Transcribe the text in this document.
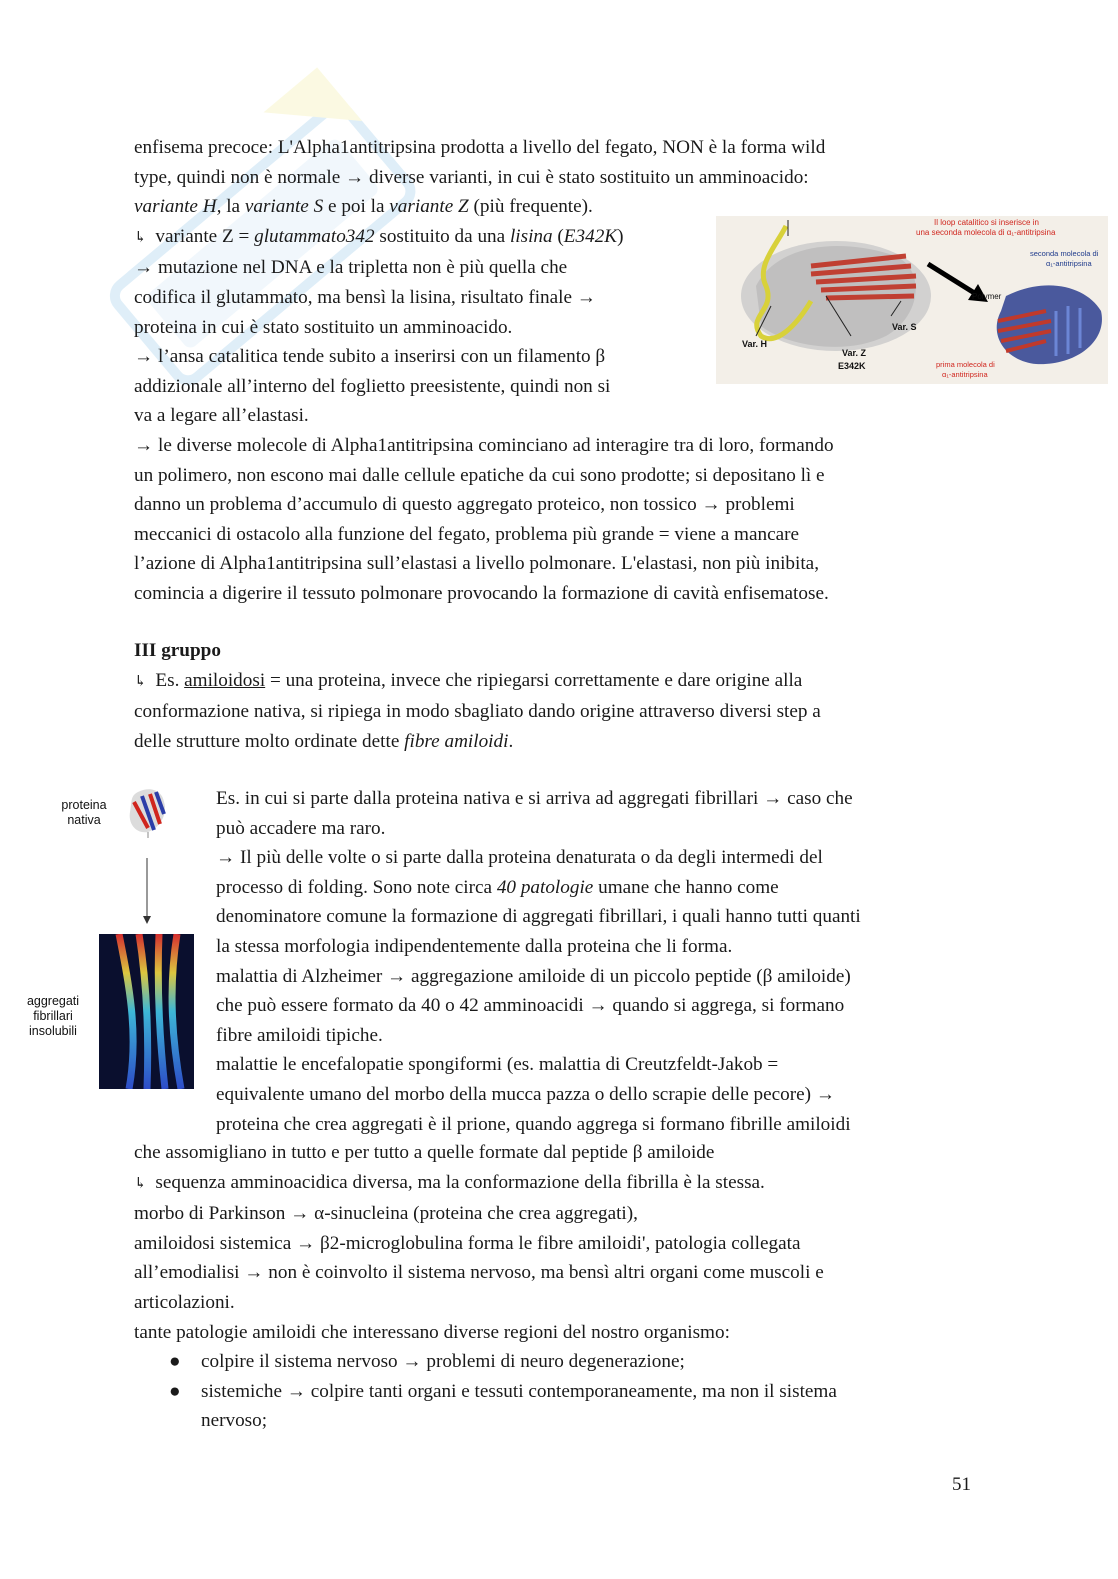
enfisema precoce: L'Alpha1antitripsina prodotta a livello del fegato, NON è la forma wild

type, quindi non è normale → diverse varianti, in cui è stato sostituito un amminoacido:

variante H, la variante S e poi la variante Z (più frequente).

↳ variante Z = glutammato342 sostituito da una lisina (E342K)

→ mutazione nel DNA e la tripletta non è più quella che

codifica il glutammato, ma bensì la lisina, risultato finale →

proteina in cui è stato sostituito un amminoacido.

→ l’ansa catalitica tende subito a inserirsi con un filamento β

addizionale all’interno del foglietto preesistente, quindi non si

va a legare all’elastasi.

→ le diverse molecole di Alpha1antitripsina cominciano ad interagire tra di loro, formando

un polimero, non escono mai dalle cellule epatiche da cui sono prodotte; si depositano lì e

danno un problema d’accumulo di questo aggregato proteico, non tossico → problemi

meccanici di ostacolo alla funzione del fegato, problema più grande = viene a mancare

l’azione di Alpha1antitripsina sull’elastasi a livello polmonare. L'elastasi, non più inibita,

comincia a digerire il tessuto polmonare provocando la formazione di cavità enfisematose.

Il loop catalitico si inserisce in
una seconda molecola di α₁-antitripsina
seconda molecola di
α₁-antitripsina
Polymer
Var. S
Var. H
Var. Z
E342K	prima molecola di
α₁-antitripsina

III gruppo

↳ Es. amiloidosi = una proteina, invece che ripiegarsi correttamente e dare origine alla

conformazione nativa, si ripiega in modo sbagliato dando origine attraverso diversi step a

delle strutture molto ordinate dette fibre amiloidi.

proteina
nativa
aggregati
fibrillari
insolubili

Es. in cui si parte dalla proteina nativa e si arriva ad aggregati fibrillari → caso che

può accadere ma raro.

→ Il più delle volte o si parte dalla proteina denaturata o da degli intermedi del

processo di folding. Sono note circa 40 patologie umane che hanno come

denominatore comune la formazione di aggregati fibrillari, i quali hanno tutti quanti

la stessa morfologia indipendentemente dalla proteina che li forma.

malattia di Alzheimer → aggregazione amiloide di un piccolo peptide (β amiloide)

che può essere formato da 40 o 42 amminoacidi → quando si aggrega, si formano

fibre amiloidi tipiche.

malattie le encefalopatie spongiformi (es. malattia di Creutzfeldt-Jakob =

equivalente umano del morbo della mucca pazza o dello scrapie delle pecore) →

proteina che crea aggregati è il prione, quando aggrega si formano fibrille amiloidi

che assomigliano in tutto e per tutto a quelle formate dal peptide β amiloide

↳ sequenza amminoacidica diversa, ma la conformazione della fibrilla è la stessa.

morbo di Parkinson → α-sinucleina (proteina che crea aggregati),

amiloidosi sistemica → β2-microglobulina forma le fibre amiloidi', patologia collegata

all’emodialisi → non è coinvolto il sistema nervoso, ma bensì altri organi come muscoli e

articolazioni.

tante patologie amiloidi che interessano diverse regioni del nostro organismo:

● colpire il sistema nervoso → problemi di neuro degenerazione;
● sistemiche → colpire tanti organi e tessuti contemporaneamente, ma non il sistema
nervoso;
51
